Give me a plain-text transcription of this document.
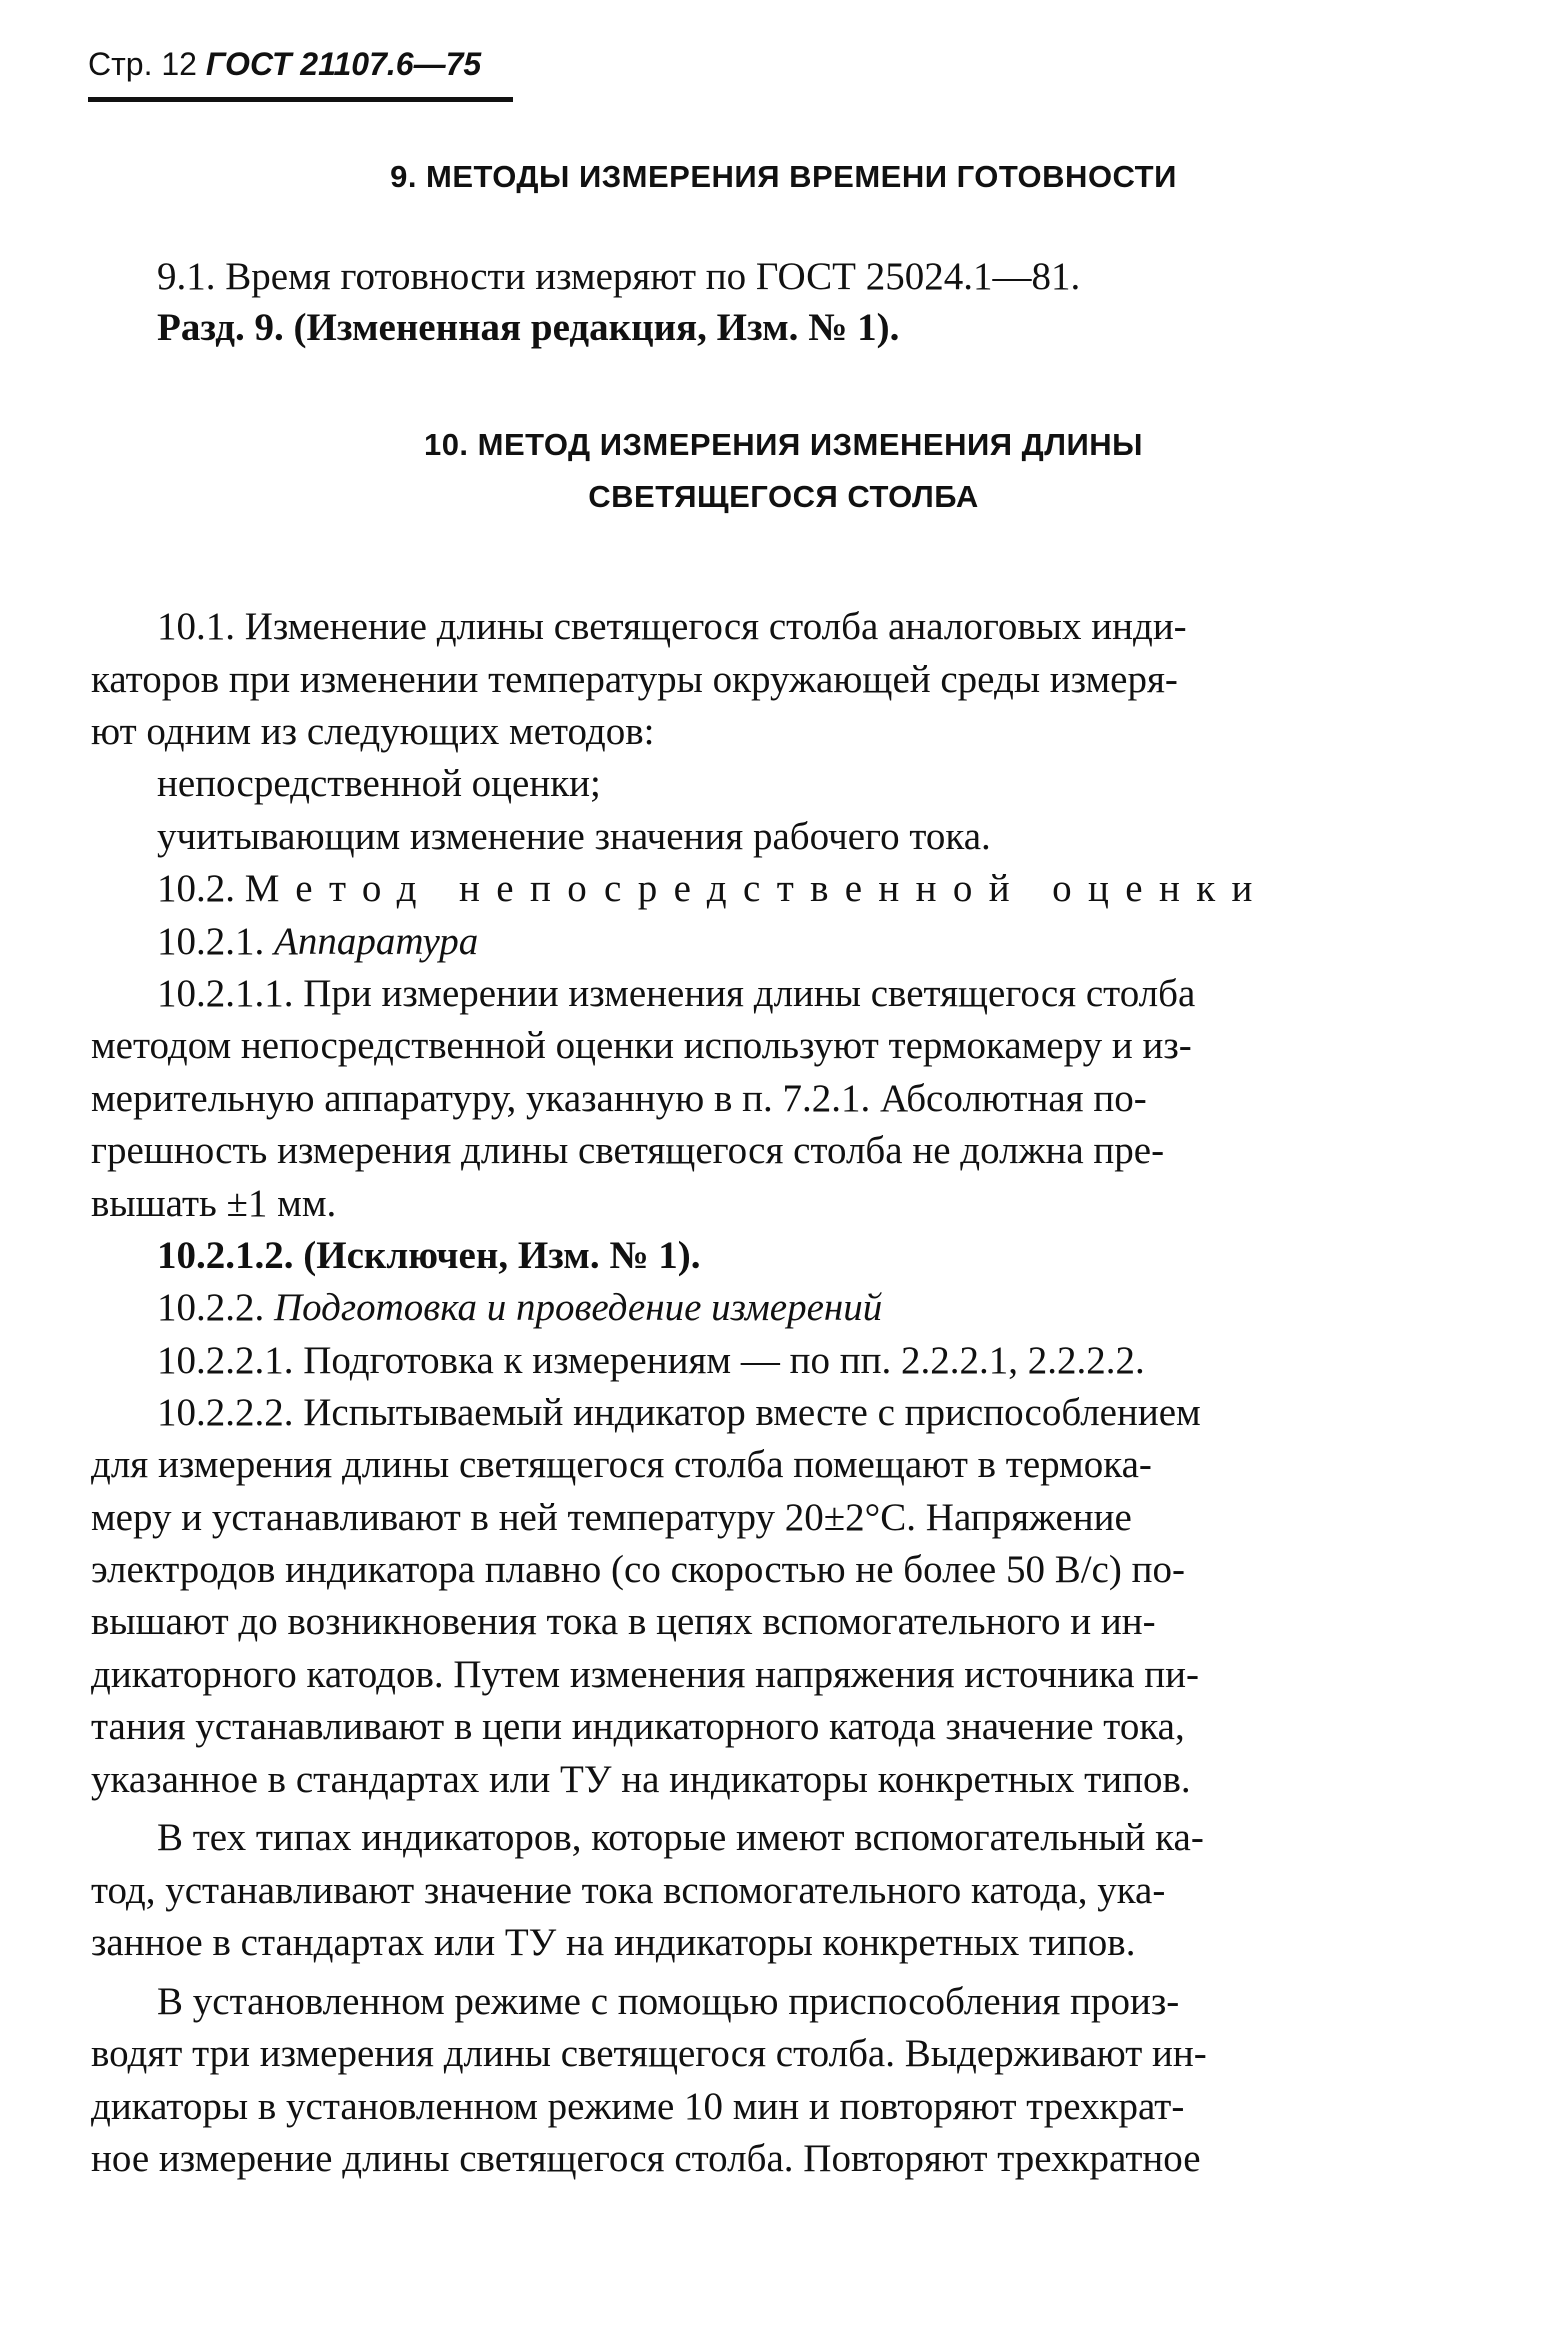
Стр. 12 ГОСТ 21107.6—75
9. МЕТОДЫ ИЗМЕРЕНИЯ ВРЕМЕНИ ГОТОВНОСТИ
9.1. Время готовности измеряют по ГОСТ 25024.1—81.
Разд. 9. (Измененная редакция, Изм. № 1).
10. МЕТОД ИЗМЕРЕНИЯ ИЗМЕНЕНИЯ ДЛИНЫ
СВЕТЯЩЕГОСЯ СТОЛБА
10.1. Изменение длины светящегося столба аналоговых инди-
каторов при изменении температуры окружающей среды измеря-
ют одним из следующих методов:
непосредственной оценки;
учитывающим изменение значения рабочего тока.
10.2. Метод непосредственной оценки
10.2.1. Аппаратура
10.2.1.1. При измерении изменения длины светящегося столба
методом непосредственной оценки используют термокамеру и из-
мерительную аппаратуру, указанную в п. 7.2.1. Абсолютная по-
грешность измерения длины светящегося столба не должна пре-
вышать ±1 мм.
10.2.1.2. (Исключен, Изм. № 1).
10.2.2. Подготовка и проведение измерений
10.2.2.1. Подготовка к измерениям — по пп. 2.2.2.1, 2.2.2.2.
10.2.2.2. Испытываемый индикатор вместе с приспособлением
для измерения длины светящегося столба помещают в термока-
меру и устанавливают в ней температуру 20±2°С. Напряжение
электродов индикатора плавно (со скоростью не более 50 В/с) по-
вышают до возникновения тока в цепях вспомогательного и ин-
дикаторного катодов. Путем изменения напряжения источника пи-
тания устанавливают в цепи индикаторного катода значение тока,
указанное в стандартах или ТУ на индикаторы конкретных типов.
В тех типах индикаторов, которые имеют вспомогательный ка-
тод, устанавливают значение тока вспомогательного катода, ука-
занное в стандартах или ТУ на индикаторы конкретных типов.
В установленном режиме с помощью приспособления произ-
водят три измерения длины светящегося столба. Выдерживают ин-
дикаторы в установленном режиме 10 мин и повторяют трехкрат-
ное измерение длины светящегося столба. Повторяют трехкратное
